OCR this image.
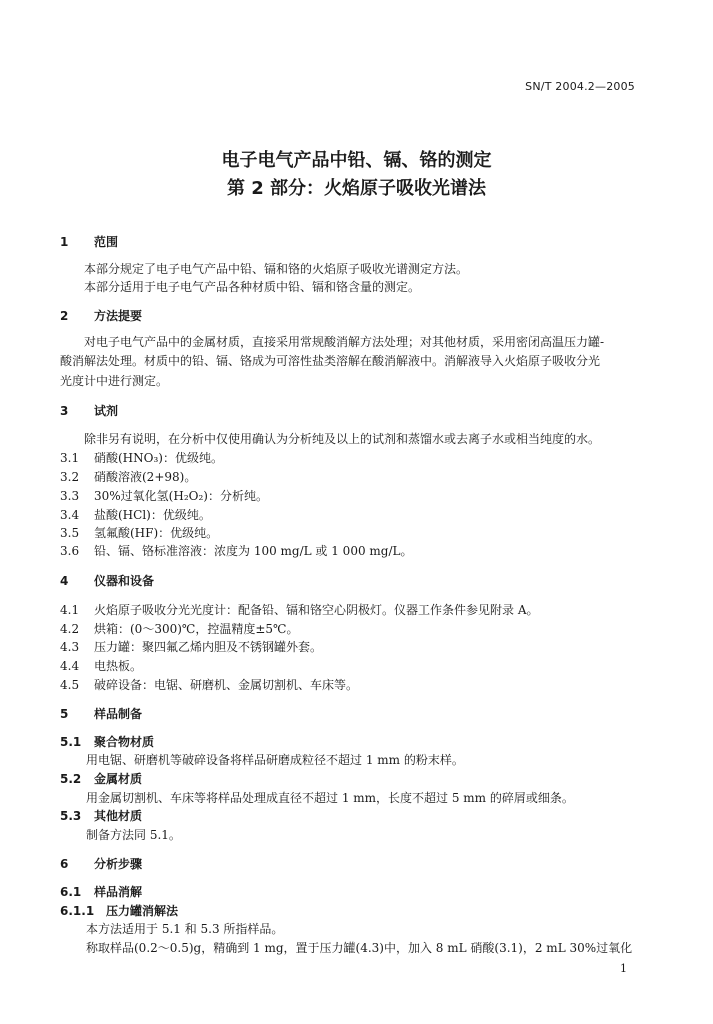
SN/T 2004.2—2005
电子电气产品中铅、镉、铬的测定
第 2 部分：火焰原子吸收光谱法
1 范围
本部分规定了电子电气产品中铅、镉和铬的火焰原子吸收光谱测定方法。
本部分适用于电子电气产品各种材质中铅、镉和铬含量的测定。
2 方法提要
对电子电气产品中的金属材质，直接采用常规酸消解方法处理；对其他材质，采用密闭高温压力罐-
酸消解法处理。材质中的铅、镉、铬成为可溶性盐类溶解在酸消解液中。消解液导入火焰原子吸收分光
光度计中进行测定。
3 试剂
除非另有说明，在分析中仅使用确认为分析纯及以上的试剂和蒸馏水或去离子水或相当纯度的水。
3.1 硝酸(HNO₃)：优级纯。
3.2 硝酸溶液(2+98)。
3.3 30%过氧化氢(H₂O₂)：分析纯。
3.4 盐酸(HCl)：优级纯。
3.5 氢氟酸(HF)：优级纯。
3.6 铅、镉、铬标准溶液：浓度为 100 mg/L 或 1 000 mg/L。
4 仪器和设备
4.1 火焰原子吸收分光光度计：配备铅、镉和铬空心阴极灯。仪器工作条件参见附录 A。
4.2 烘箱：(0～300)℃，控温精度±5℃。
4.3 压力罐：聚四氟乙烯内胆及不锈钢罐外套。
4.4 电热板。
4.5 破碎设备：电锯、研磨机、金属切割机、车床等。
5 样品制备
5.1 聚合物材质
用电锯、研磨机等破碎设备将样品研磨成粒径不超过 1 mm 的粉末样。
5.2 金属材质
用金属切割机、车床等将样品处理成直径不超过 1 mm，长度不超过 5 mm 的碎屑或细条。
5.3 其他材质
制备方法同 5.1。
6 分析步骤
6.1 样品消解
6.1.1 压力罐消解法
本方法适用于 5.1 和 5.3 所指样品。
称取样品(0.2～0.5)g，精确到 1 mg，置于压力罐(4.3)中，加入 8 mL 硝酸(3.1)，2 mL 30%过氧化
1
